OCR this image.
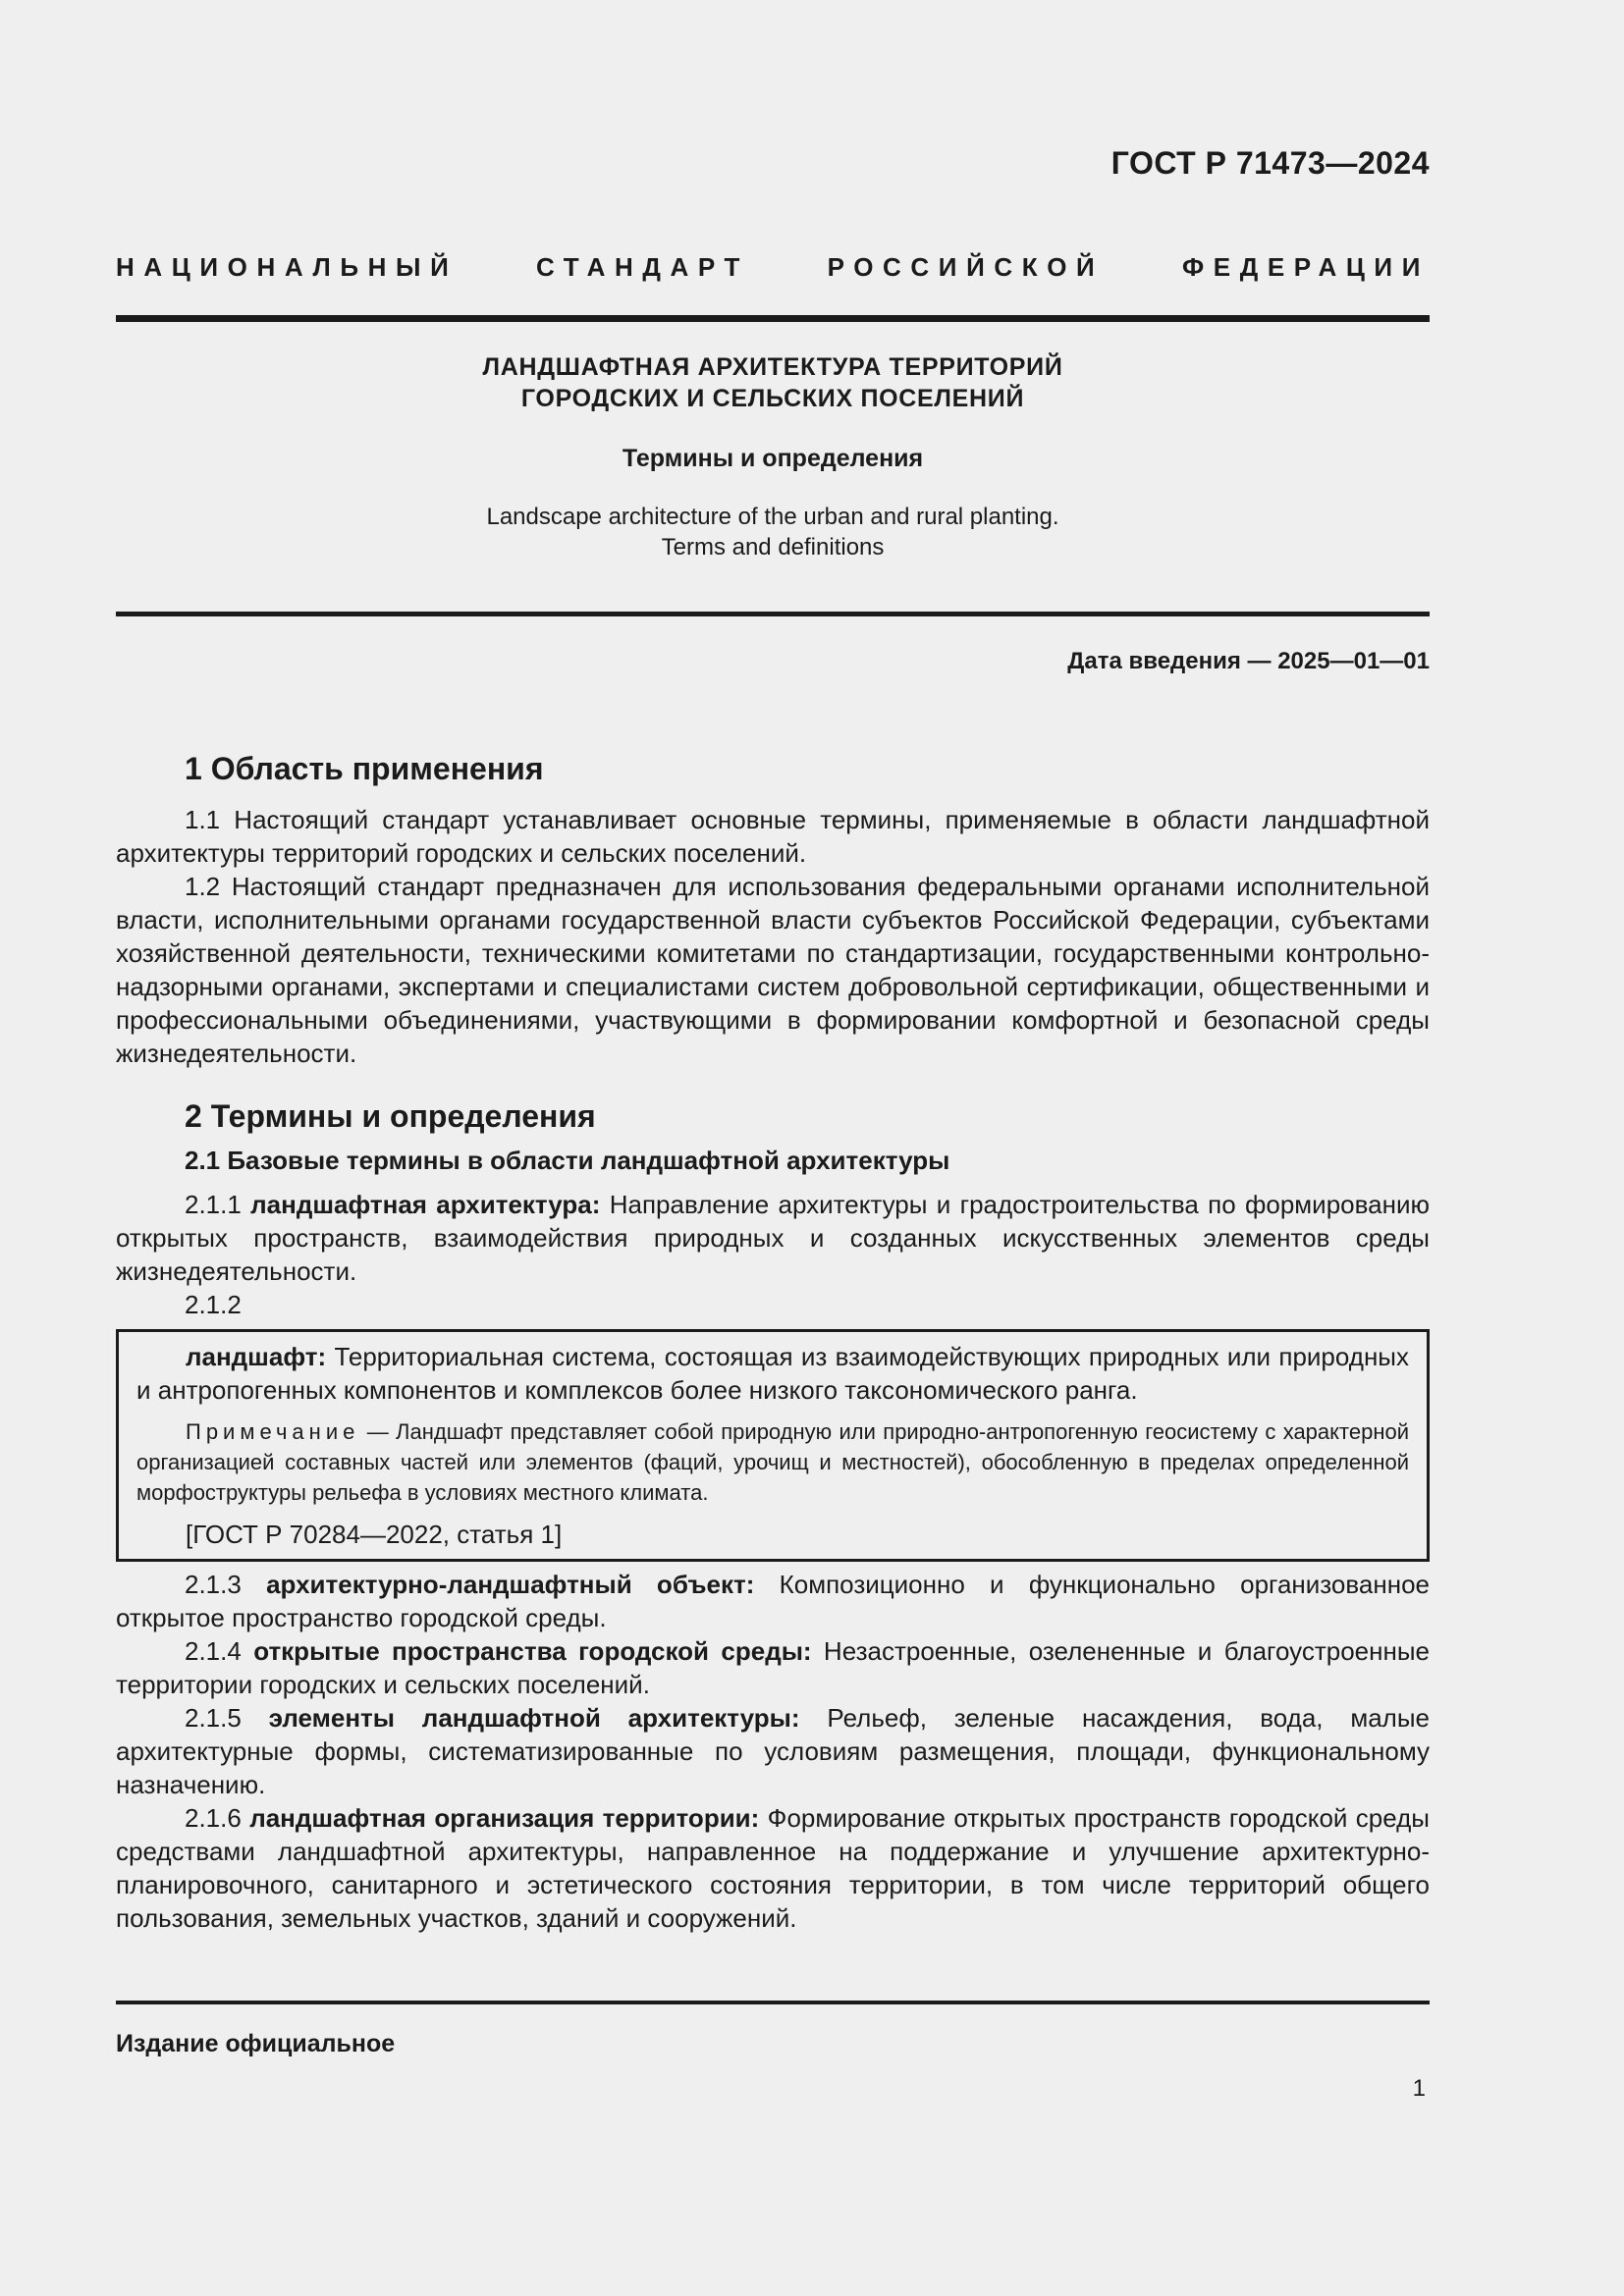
ГОСТ Р 71473—2024
НАЦИОНАЛЬНЫЙ СТАНДАРТ РОССИЙСКОЙ ФЕДЕРАЦИИ
ЛАНДШАФТНАЯ АРХИТЕКТУРА ТЕРРИТОРИЙ
ГОРОДСКИХ И СЕЛЬСКИХ ПОСЕЛЕНИЙ
Термины и определения
Landscape architecture of the urban and rural planting.
Terms and definitions
Дата введения — 2025—01—01
1 Область применения

1.1 Настоящий стандарт устанавливает основные термины, применяемые в области ландшафтной архитектуры территорий городских и сельских поселений.

1.2 Настоящий стандарт предназначен для использования федеральными органами исполнительной власти, исполнительными органами государственной власти субъектов Российской Федерации, субъектами хозяйственной деятельности, техническими комитетами по стандартизации, государственными контрольно-надзорными органами, экспертами и специалистами систем добровольной сертификации, общественными и профессиональными объединениями, участвующими в формировании комфортной и безопасной среды жизнедеятельности.

2 Термины и определения
2.1 Базовые термины в области ландшафтной архитектуры

2.1.1 ландшафтная архитектура: Направление архитектуры и градостроительства по формированию открытых пространств, взаимодействия природных и созданных искусственных элементов среды жизнедеятельности.

2.1.2

ландшафт: Территориальная система, состоящая из взаимодействующих природных или природных и антропогенных компонентов и комплексов более низкого таксономического ранга.

Примечание — Ландшафт представляет собой природную или природно-антропогенную геосистему с характерной организацией составных частей или элементов (фаций, урочищ и местностей), обособленную в пределах определенной морфоструктуры рельефа в условиях местного климата.
[ГОСТ Р 70284—2022, статья 1]

2.1.3 архитектурно-ландшафтный объект: Композиционно и функционально организованное открытое пространство городской среды.

2.1.4 открытые пространства городской среды: Незастроенные, озелененные и благоустроенные территории городских и сельских поселений.

2.1.5 элементы ландшафтной архитектуры: Рельеф, зеленые насаждения, вода, малые архитектурные формы, систематизированные по условиям размещения, площади, функциональному назначению.

2.1.6 ландшафтная организация территории: Формирование открытых пространств городской среды средствами ландшафтной архитектуры, направленное на поддержание и улучшение архитектурно-планировочного, санитарного и эстетического состояния территории, в том числе территорий общего пользования, земельных участков, зданий и сооружений.

Издание официальное
1
